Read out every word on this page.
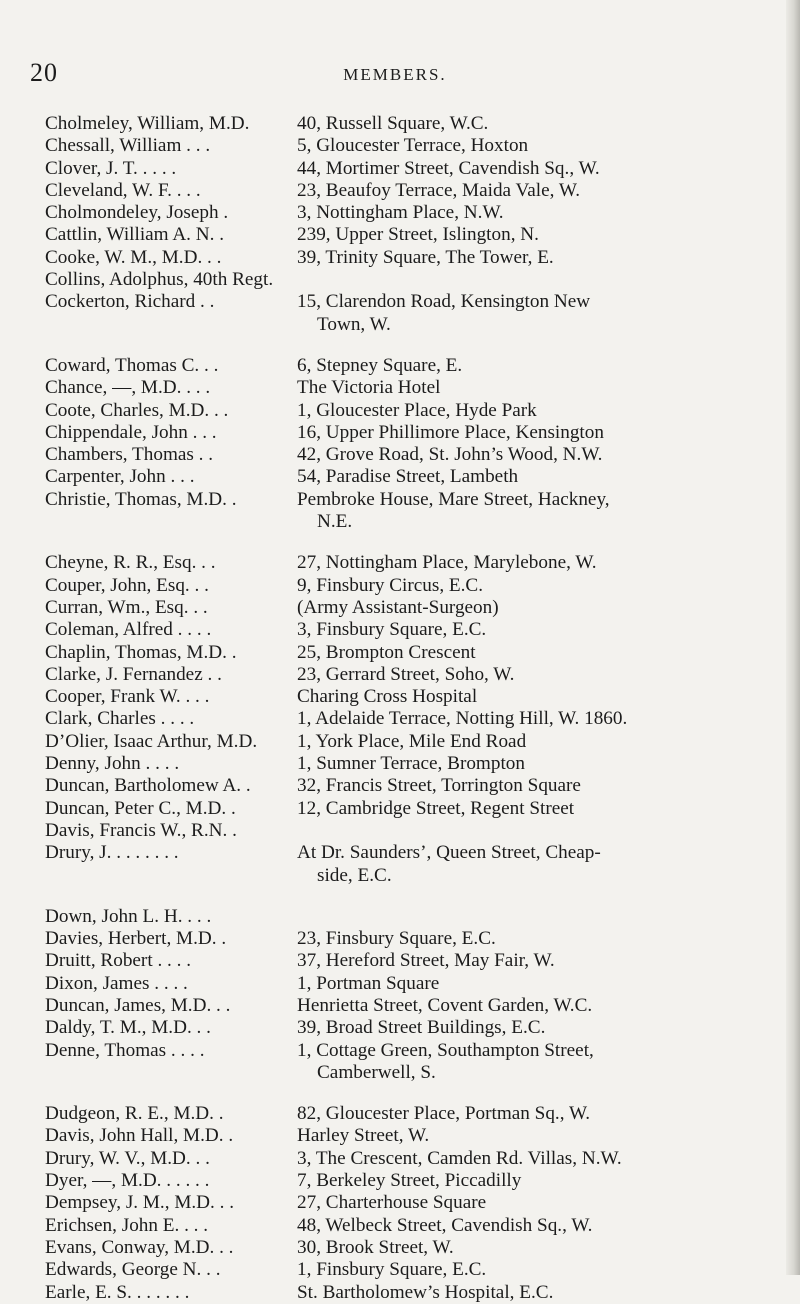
20	MEMBERS.
Cholmeley, William, M.D. 40, Russell Square, W.C.
Chessall, William . . .	5, Gloucester Terrace, Hoxton
Clover, J. T. . . . .	44, Mortimer Street, Cavendish Sq., W.
Cleveland, W. F. . . .	23, Beaufoy Terrace, Maida Vale, W.
Cholmondeley, Joseph .	3, Nottingham Place, N.W.
Cattlin, William A. N. .	239, Upper Street, Islington, N.
Cooke, W. M., M.D. . .	39, Trinity Square, The Tower, E.
Collins, Adolphus, 40th Regt.
Cockerton, Richard . .	15, Clarendon Road, Kensington New
Town, W.
Coward, Thomas C. . .	6, Stepney Square, E.
Chance, —, M.D. . . .	The Victoria Hotel
Coote, Charles, M.D. . .	1, Gloucester Place, Hyde Park
Chippendale, John . . .	16, Upper Phillimore Place, Kensington
Chambers, Thomas . .	42, Grove Road, St. John’s Wood, N.W.
Carpenter, John . . .	54, Paradise Street, Lambeth
Christie, Thomas, M.D. .	Pembroke House, Mare Street, Hackney,
N.E.
Cheyne, R. R., Esq. . .	27, Nottingham Place, Marylebone, W.
Couper, John, Esq. . .	9, Finsbury Circus, E.C.
Curran, Wm., Esq. . .	(Army Assistant-Surgeon)
Coleman, Alfred . . . .	3, Finsbury Square, E.C.
Chaplin, Thomas, M.D. .	25, Brompton Crescent
Clarke, J. Fernandez . .	23, Gerrard Street, Soho, W.
Cooper, Frank W. . . .	Charing Cross Hospital
Clark, Charles . . . .	1, Adelaide Terrace, Notting Hill, W. 1860.
D’Olier, Isaac Arthur, M.D. 1, York Place, Mile End Road
Denny, John . . . .	1, Sumner Terrace, Brompton
Duncan, Bartholomew A. . 32, Francis Street, Torrington Square
Duncan, Peter C., M.D. .	12, Cambridge Street, Regent Street
Davis, Francis W., R.N. .
Drury, J. . . . . . . .	At Dr. Saunders’, Queen Street, Cheap-
side, E.C.
Down, John L. H. . . .
Davies, Herbert, M.D. .	23, Finsbury Square, E.C.
Druitt, Robert . . . .	37, Hereford Street, May Fair, W.
Dixon, James . . . .	1, Portman Square
Duncan, James, M.D. . .	Henrietta Street, Covent Garden, W.C.
Daldy, T. M., M.D. . .	39, Broad Street Buildings, E.C.
Denne, Thomas . . . .	1, Cottage Green, Southampton Street,
Camberwell, S.
Dudgeon, R. E., M.D. .	82, Gloucester Place, Portman Sq., W.
Davis, John Hall, M.D. .	Harley Street, W.
Drury, W. V., M.D. . .	3, The Crescent, Camden Rd. Villas, N.W.
Dyer, —, M.D. . . . . .	7, Berkeley Street, Piccadilly
Dempsey, J. M., M.D. . .	27, Charterhouse Square
Erichsen, John E. . . .	48, Welbeck Street, Cavendish Sq., W.
Evans, Conway, M.D. . .	30, Brook Street, W.
Edwards, George N. . .	1, Finsbury Square, E.C.
Earle, E. S. . . . . . .	St. Bartholomew’s Hospital, E.C.
